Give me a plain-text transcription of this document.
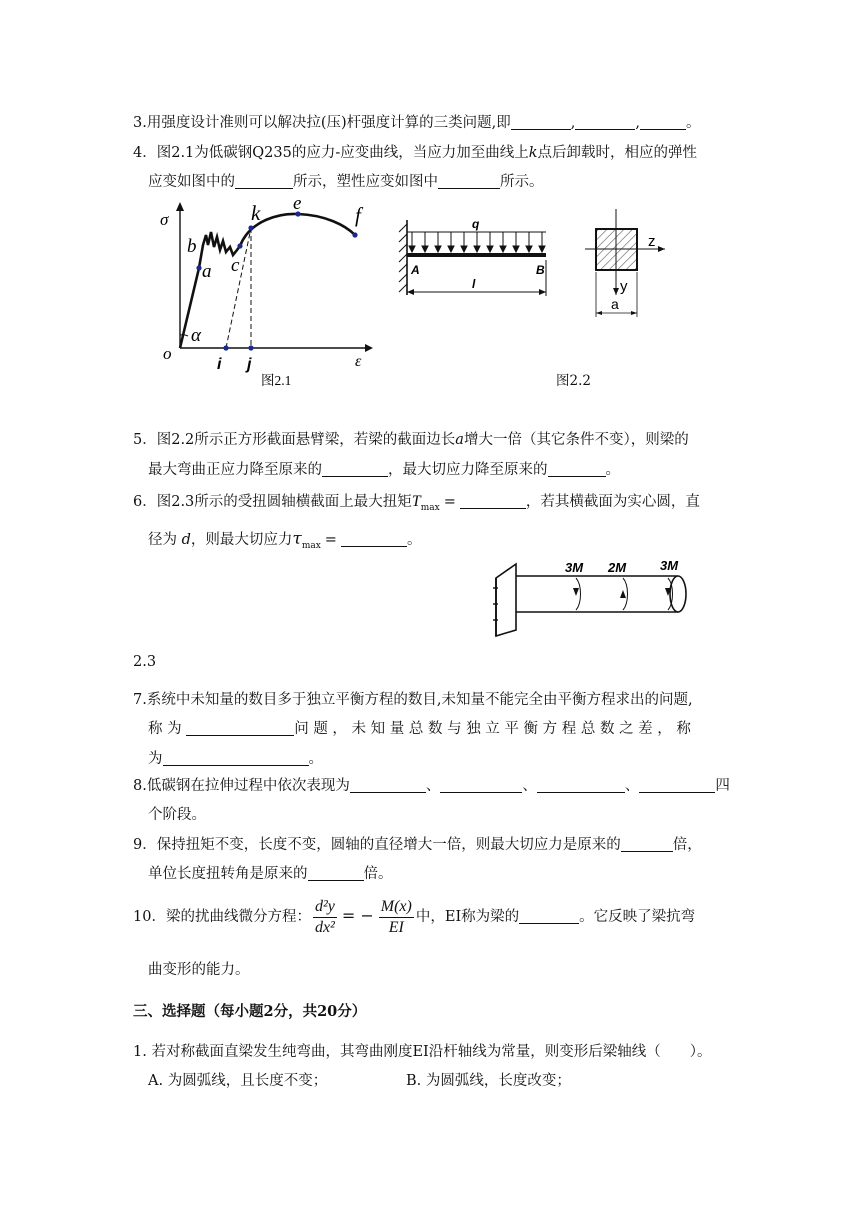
3.用强度设计准则可以解决拉(压)杆强度计算的三类问题,即	,	,	。
4．图2.1为低碳钢Q235的应力-应变曲线，当应力加至曲线上k点后卸载时，相应的弹性
应变如图中的	所示，塑性应变如图中	所示。
σ
ε
α
o
a
b
c
k e	f
i j
图2.1
q
A	B
l
z
y
a
图2.2
5．图2.2所示正方形截面悬臂梁，若梁的截面边长a增大一倍（其它条件不变），则梁的
最大弯曲正应力降至原来的	，最大切应力降至原来的	。
6．图2.3所示的受扭圆轴横截面上最大扭矩$T_{max}$ =	，若其横截面为实心圆，直
径为 d，则最大切应力$\tau_{max}$ =	。
3M 2M	3M
2.3
7.系统中未知量的数目多于独立平衡方程的数目,未知量不能完全由平衡方程求出的问题,
称 为	问 题 ， 未 知 量 总 数 与 独 立 平 衡 方 程 总 数 之 差 ， 称
为	。
8.低碳钢在拉伸过程中依次表现为	、	、	、	四
个阶段。
9．保持扭矩不变，长度不变，圆轴的直径增大一倍，则最大切应力是原来的	倍，
单位长度扭转角是原来的	倍。
10．梁的扰曲线微分方程： $\frac{\text{d²y}}{\text{dx²}}$ = − $\frac{M(x)}{EI}$ 中，EI称为梁的	。它反映了梁抗弯
曲变形的能力。
三、选择题（每小题2分，共20分）
1. 若对称截面直梁发生纯弯曲，其弯曲刚度EI沿杆轴线为常量，则变形后梁轴线（　　）。
A. 为圆弧线，且长度不变；	B. 为圆弧线，长度改变；
